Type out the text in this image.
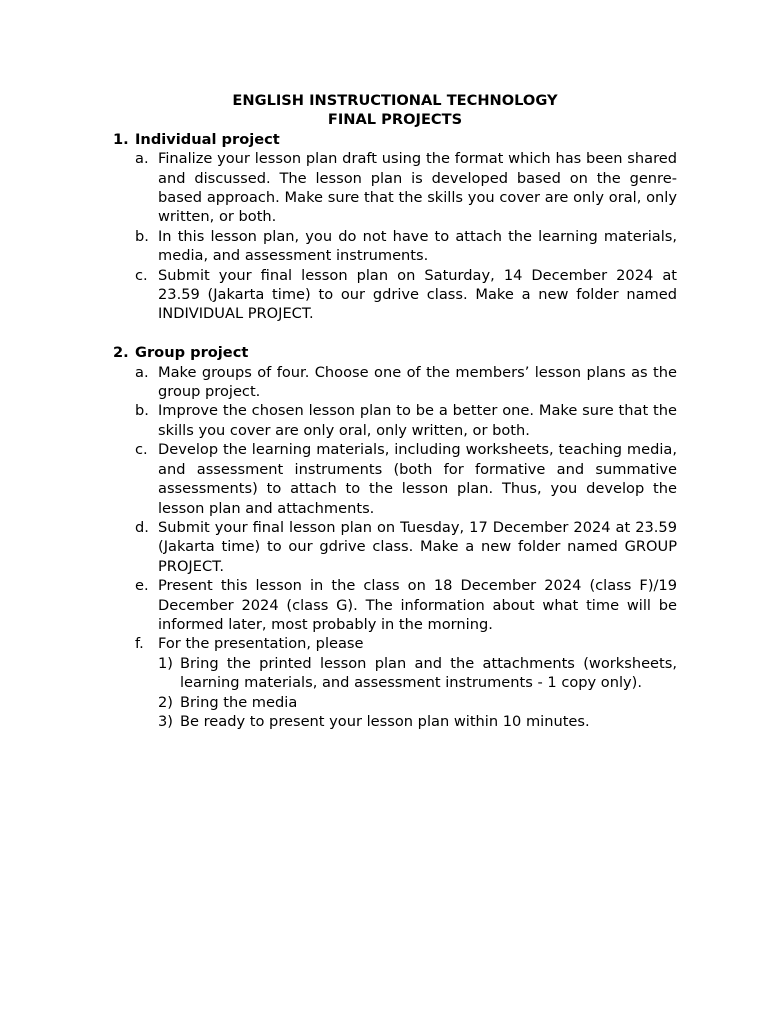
ENGLISH INSTRUCTIONAL TECHNOLOGY

FINAL PROJECTS

1. Individual project
a. Finalize your lesson plan draft using the format which has been shared and discussed. The lesson plan is developed based on the genre-based approach. Make sure that the skills you cover are only oral, only written, or both.
b. In this lesson plan, you do not have to attach the learning materials, media, and assessment instruments.
c. Submit your final lesson plan on Saturday, 14 December 2024 at 23.59 (Jakarta time) to our gdrive class. Make a new folder named INDIVIDUAL PROJECT.
2. Group project
a. Make groups of four. Choose one of the members’ lesson plans as the group project.
b. Improve the chosen lesson plan to be a better one. Make sure that the skills you cover are only oral, only written, or both.
c. Develop the learning materials, including worksheets, teaching media, and assessment instruments (both for formative and summative assessments) to attach to the lesson plan. Thus, you develop the lesson plan and attachments.
d. Submit your final lesson plan on Tuesday, 17 December 2024 at 23.59 (Jakarta time) to our gdrive class. Make a new folder named GROUP PROJECT.
e. Present this lesson in the class on 18 December 2024 (class F)/19 December 2024 (class G). The information about what time will be informed later, most probably in the morning.
f. For the presentation, please
1) Bring the printed lesson plan and the attachments (worksheets, learning materials, and assessment instruments - 1 copy only).
2) Bring the media
3) Be ready to present your lesson plan within 10 minutes.
